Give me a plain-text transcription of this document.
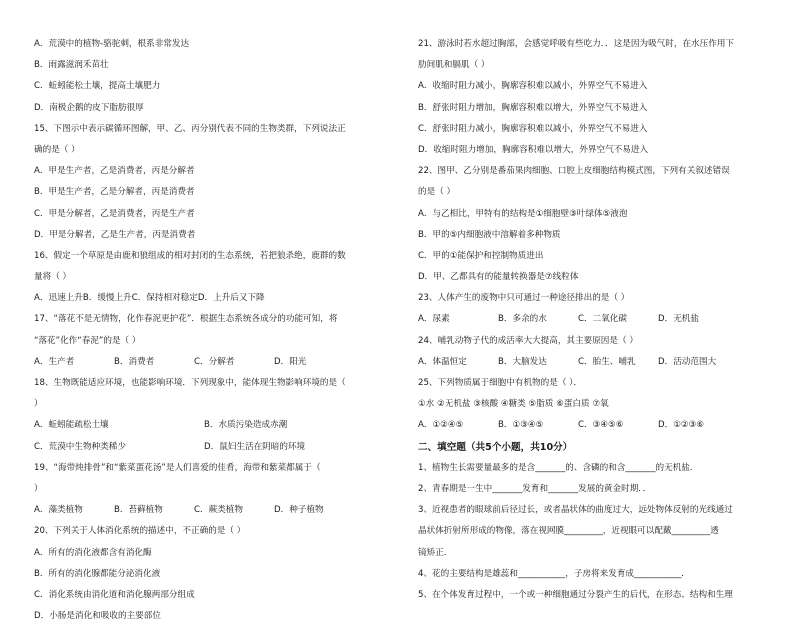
A．荒漠中的植物-骆驼刺，根系非常发达
B．雨露滋润禾苗壮
C．蚯蚓能松土壤，提高土壤肥力
D．南极企鹅的皮下脂肪很厚
15、下图示中表示碳循环图解，甲、乙、丙分别代表不同的生物类群，下列说法正
确的是（ ）
A．甲是生产者，乙是消费者，丙是分解者
B．甲是生产者，乙是分解者，丙是消费者
C．甲是分解者，乙是消费者，丙是生产者
D．甲是分解者，乙是生产者，丙是消费者
16、假定一个草原是由鹿和狼组成的相对封闭的生态系统，若把狼杀绝，鹿群的数
量将（ ）
A．迅速上升B．缓慢上升C．保持相对稳定D．上升后又下降
17、“落花不是无情物，化作春泥更护花”．根据生态系统各成分的功能可知，将
“落花”化作“春泥”的是（ ）
A．生产者	B．消费者	C．分解者	D．阳光
18、生物既能适应环境，也能影响环境．下列现象中，能体现生物影响环境的是（
）
A．蚯蚓能疏松土壤	B．水质污染造成赤潮
C．荒漠中生物种类稀少	D．鼠妇生活在阴暗的环境
19、“海带炖排骨”和“紫菜蛋花汤”是人们喜爱的佳肴，海带和紫菜都属于（
）
A．藻类植物	B．苔藓植物	C．蕨类植物	D．种子植物
20、下列关于人体消化系统的描述中，不正确的是（ ）
A．所有的消化液都含有消化酶
B．所有的消化腺都能分泌消化液
C．消化系统由消化道和消化腺两部分组成
D．小肠是消化和吸收的主要部位
21、游泳时若水超过胸部，会感觉呼吸有些吃力．．这是因为吸气时，在水压作用下
肋间肌和膈肌（ ）
A．收缩时阻力减小，胸廓容积难以减小，外界空气不易进入
B．舒张时阻力增加，胸廓容积难以增大，外界空气不易进入
C．舒张时阻力减小，胸廓容积难以减小，外界空气不易进入
D．收缩时阻力增加，胸廓容积难以增大，外界空气不易进入
22、图甲、乙分别是番茄果肉细胞、口腔上皮细胞结构模式图，下列有关叙述错误
的是（ ）
A．与乙相比，甲特有的结构是①细胞壁③叶绿体⑤液泡
B．甲的⑤内细胞液中溶解着多种物质
C．甲的①能保护和控制物质进出
D．甲、乙都具有的能量转换器是⑦线粒体
23、人体产生的废物中只可通过一种途径排出的是（ ）
A．尿素	B．多余的水	C．二氧化碳	D．无机盐
24、哺乳动物子代的成活率大大提高，其主要原因是（ ）
A．体温恒定	B．大脑发达	C．胎生、哺乳	D．活动范围大
25、下列物质属于细胞中有机物的是（ ）．
①水 ②无机盐 ③核酸 ④糖类 ⑤脂质 ⑥蛋白质 ⑦氧
A．①②④⑤	B．①③④⑤	C．③④⑤⑥	D．①②③⑥
二、填空题（共5个小题，共10分）
1、植物生长需要量最多的是含_______的、含磷的和含_______的无机盐．
2、青春期是一生中_______发育和_______发展的黄金时期．．
3、近视患者的眼球前后径过长，或者晶状体的曲度过大，远处物体反射的光线通过
晶状体折射所形成的物像，落在视网膜_________，近视眼可以配戴_________透
镜矫正．
4、花的主要结构是雄蕊和___________，子房将来发育成___________．
5、在个体发育过程中，一个或一种细胞通过分裂产生的后代，在形态、结构和生理
